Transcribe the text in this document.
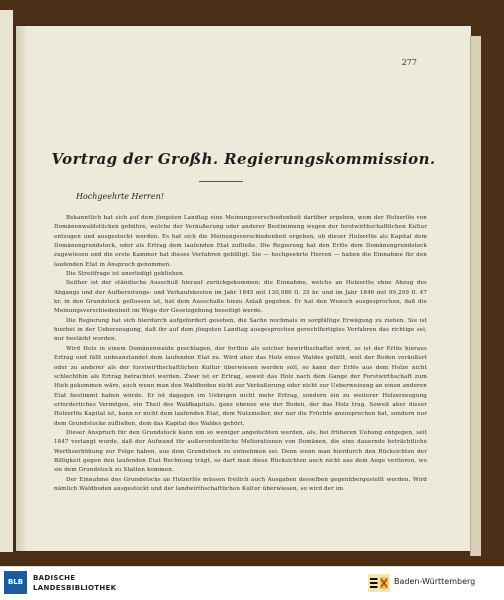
277
Vortrag der Großh. Regierungskommission.
Hochgeehrte Herren!

Bekanntlich hat sich auf dem jüngsten Landtag eine Meinungsverschiedenheit darüber ergeben, wem der Holzerlös von Domänenwaldstücken gebühre, welche der Veräußerung oder anderer Bestimmung wegen der forstwirthschaftlichen Kultur entzogen und ausgestockt werden. Es hat sich die Meinungsverschiedenheit ergeben, ob dieser Holzerlös als Kapital dem Domänengrundstock, oder als Ertrag dem laufenden Etat zufließe. Die Regierung hat den Erlös dem Domänengrundstock zugewiesen und die erste Kammer hat dieses Verfahren gebilligt. Sie — hochgeehrte Herren — haben die Einnahme für den laufenden Etat in Anspruch genommen.

Die Streitfrage ist unerledigt geblieben.

Seither ist der ständische Ausschuß hierauf zurückgekommen; die Einnahme, welche an Holzerlös ohne Abzug des Abgangs und der Aufbereitungs- und Verkaufskosten im Jahr 1845 mit 130,986 fl. 35 kr. und im Jahr 1846 mit 99,299 fl. 47 kr. in den Grundstock geflossen ist, hat dem Ausschuße hiezu Anlaß gegeben. Er hat den Wunsch ausgesprochen, daß die Meinungsverschiedenheit im Wege der Gesetzgebung beseitigt werde.

Die Regierung hat sich hierdurch aufgefordert gesehen, die Sache nochmals in sorgfältige Erwägung zu ziehen. Sie ist hierbei in der Ueberzeugung, daß ihr auf dem jüngsten Landtag ausgesprochen gerechtfertigtes Verfahren das richtige sei, nur bestärkt worden.

Wird Holz in einem Domänenwalde geschlagen, der forthin als solcher bewirthschaftet wird, so ist der Erlös hieraus Ertrag und fällt unbeanstandet dem laufenden Etat zu. Wird aber das Holz eines Waldes gefällt, weil der Boden veräußert oder zu anderer als der forstwirthschaftlichen Kultur überwiesen werden soll, so kann der Erlös aus dem Holze nicht schlechthin als Ertrag betrachtet werden. Zwar ist er Ertrag, soweit das Holz nach dem Gange der Forstwirthschaft zum Hieb gekommen wäre, auch wenn man den Waldboden nicht zur Veräußerung oder nicht zur Ueberweisung an einen anderen Etat bestimmt haben würde. Er ist dagegen im Uebrigen nicht mehr Ertrag, sondern ein zu weiterer Holzerzeugung erforderliches Vermögen, ein Theil des Waldkapitals, ganz ebenso wie der Boden, der das Holz trug. Soweit aber dieser Holzerlös Kapital ist, kann er nicht dem laufenden Etat, dem Nutznießer, der nur die Früchte anzusprechen hat, sondern nur dem Grundstocke zufließen, dem das Kapital des Waldes gehört.

Dieser Anspruch für den Grundstock kann um so weniger angefochten werden, als, bei früheren Uebung entgegen, seit 1847 verlangt wurde, daß der Aufwand für außerordentliche Meliorationen von Domänen, die eine dauernde beträchtliche Werthserhöhung zur Folge haben, aus dem Grundstock zu entnehmen sei. Denn wenn man hierdurch den Rücksichten der Billigkeit gegen den laufenden Etat Rechnung trägt, so darf man diese Rücksichten auch nicht aus dem Auge verlieren, wo sie dem Grundstock zu Statten kommen.

Der Einnahme des Grundstocks an Holzerlös müssen freilich auch Ausgaben desselben gegenübergestellt werden. Wird nämlich Waldboden ausgestockt und der landwirthschaftlichen Kultur überwiesen, so wird der im

BLB	BADISCHE
LANDESBIBLIOTHEK
Baden-Württemberg
